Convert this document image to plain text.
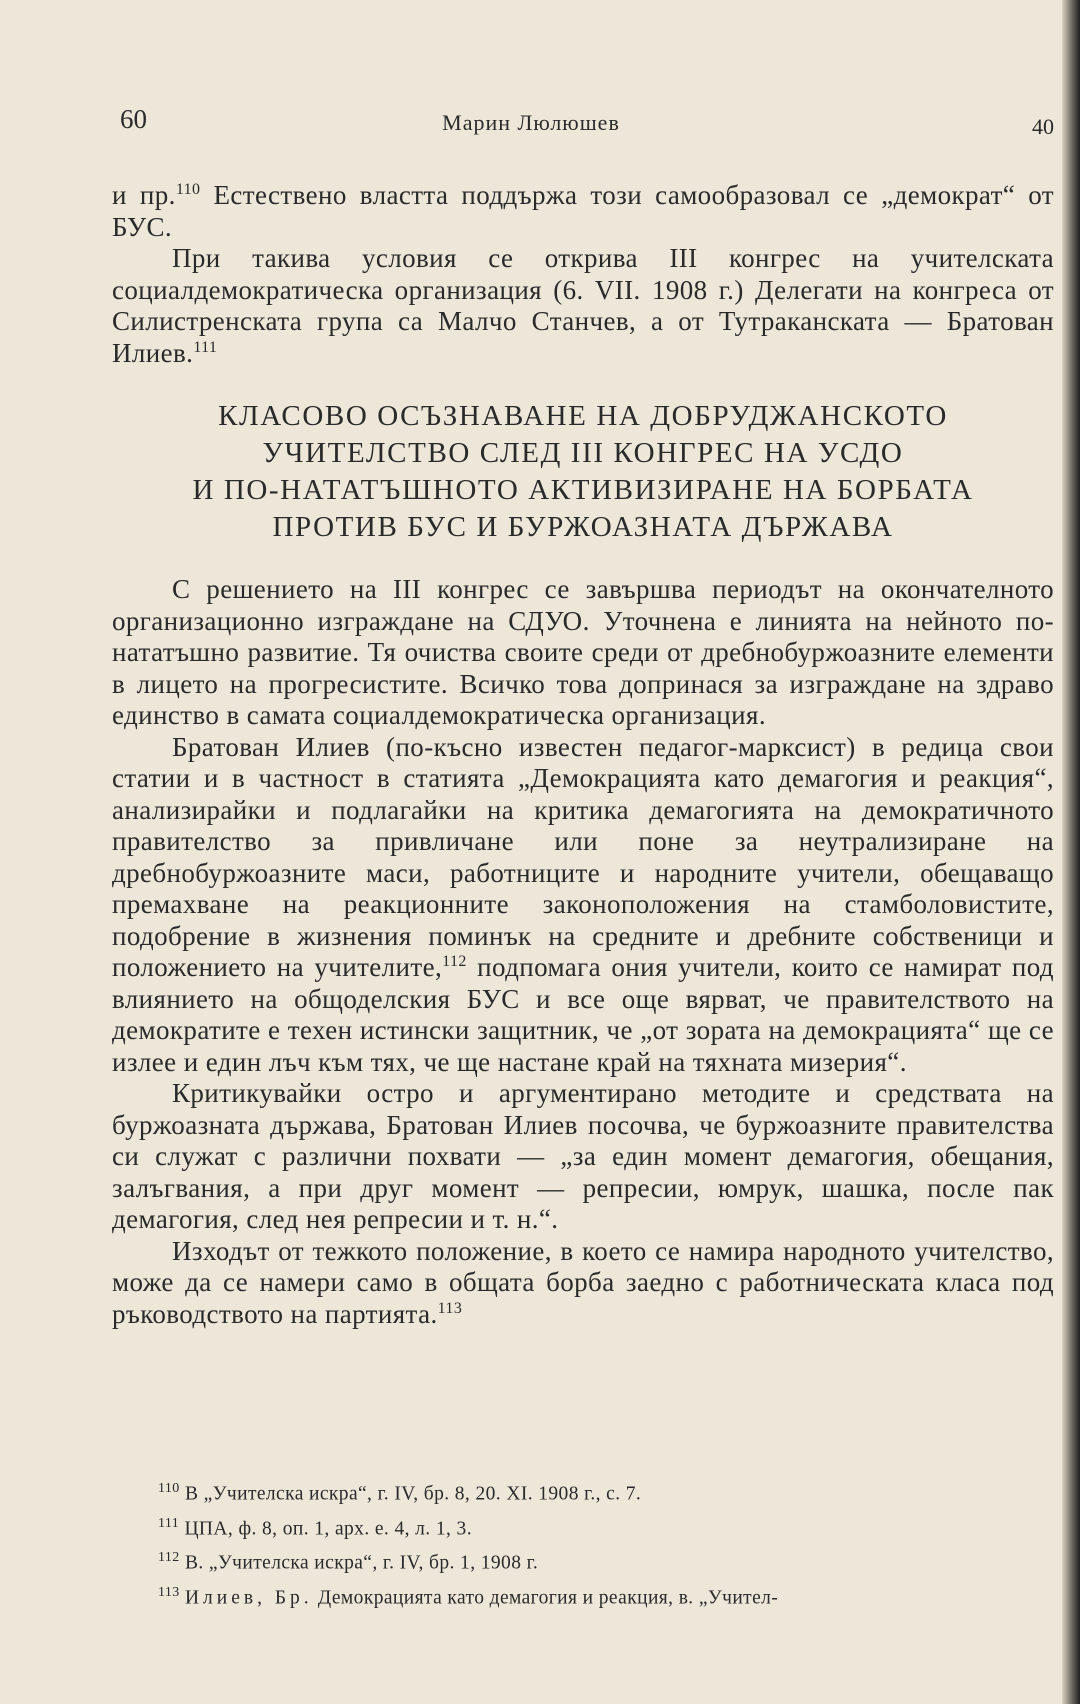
60	Марин Люлюшев	40

и пр.$^{110}$ Естествено властта поддържа този самообразовал се „демократ“ от БУС.

При такива условия се открива III конгрес на учителската социалдемократическа организация (6. VII. 1908 г.) Делегати на конгреса от Силистренската група са Малчо Станчев, а от Тутраканската — Братован Илиев.$^{111}$

КЛАСОВО ОСЪЗНАВАНЕ НА ДОБРУДЖАНСКОТО
УЧИТЕЛСТВО СЛЕД III КОНГРЕС НА УСДО
И ПО-НАТАТЪШНОТО АКТИВИЗИРАНЕ НА БОРБАТА
ПРОТИВ БУС И БУРЖОАЗНАТА ДЪРЖАВА

С решението на III конгрес се завършва периодът на окончателното организационно изграждане на СДУО. Уточнена е линията на нейното по-нататъшно развитие. Тя очиства своите среди от дребнобуржоазните елементи в лицето на прогресистите. Всичко това допринася за изграждане на здраво единство в самата социалдемократическа организация.

Братован Илиев (по-късно известен педагог-марксист) в редица свои статии и в частност в статията „Демокрацията като демагогия и реакция“, анализирайки и подлагайки на критика демагогията на демократичното правителство за привличане или поне за неутрализиране на дребнобуржоазните маси, работниците и народните учители, обещаващо премахване на реакционните законоположения на стамболовистите, подобрение в жизнения поминък на средните и дребните собственици и положението на учителите,$^{112}$ подпомага ония учители, които се намират под влиянието на общоделския БУС и все още вярват, че правителството на демократите е техен истински защитник, че „от зората на демокрацията“ ще се излее и един лъч към тях, че ще настане край на тяхната мизерия“.

Критикувайки остро и аргументирано методите и средствата на буржоазната държава, Братован Илиев посочва, че буржоазните правителства си служат с различни похвати — „за един момент демагогия, обещания, залъгвания, а при друг момент — репресии, юмрук, шашка, после пак демагогия, след нея репресии и т. н.“.

Изходът от тежкото положение, в което се намира народното учителство, може да се намери само в общата борба заедно с работническата класа под ръководството на партията.$^{113}$

$^{110}$ В „Учителска искра“, г. IV, бр. 8, 20. XI. 1908 г., с. 7.
$^{111}$ ЦПА, ф. 8, оп. 1, арх. е. 4, л. 1, 3.
$^{112}$ В. „Учителска искра“, г. IV, бр. 1, 1908 г.
$^{113}$ Илиев, Бр. Демокрацията като демагогия и реакция, в. „Учител-
